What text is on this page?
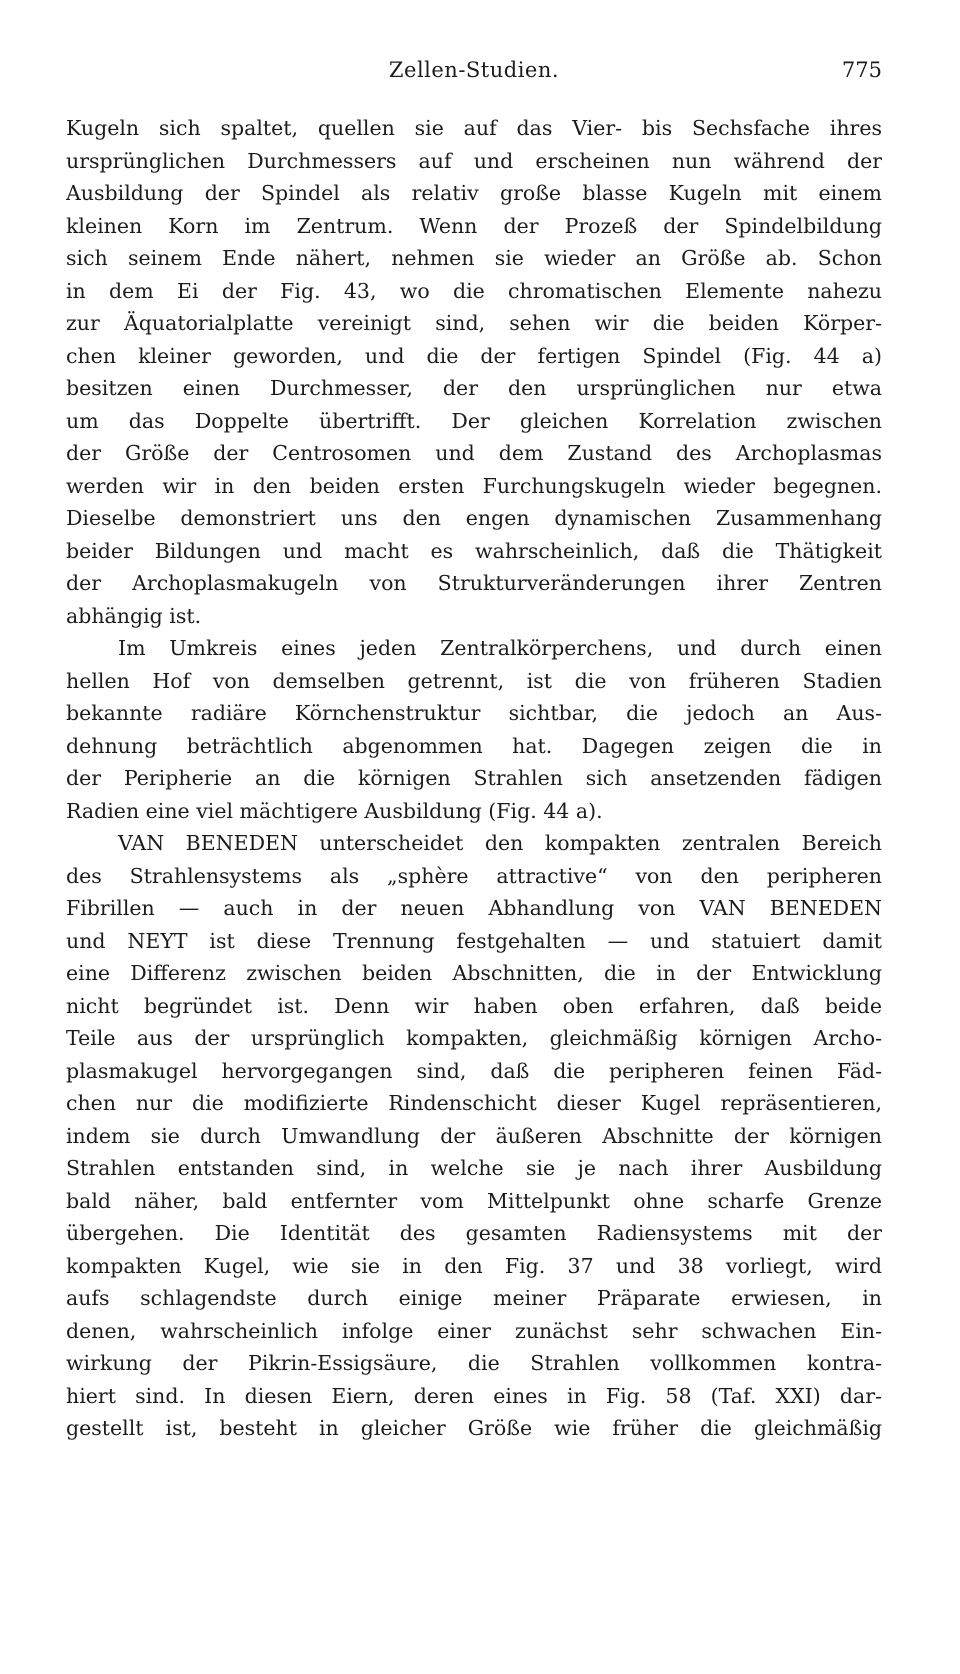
Zellen-Studien.	775
Kugeln sich spaltet, quellen sie auf das Vier- bis Sechsfache ihres
ursprünglichen Durchmessers auf und erscheinen nun während der
Ausbildung der Spindel als relativ große blasse Kugeln mit einem
kleinen Korn im Zentrum. Wenn der Prozeß der Spindelbildung
sich seinem Ende nähert, nehmen sie wieder an Größe ab. Schon
in dem Ei der Fig. 43, wo die chromatischen Elemente nahezu
zur Äquatorialplatte vereinigt sind, sehen wir die beiden Körper-
chen kleiner geworden, und die der fertigen Spindel (Fig. 44 a)
besitzen einen Durchmesser, der den ursprünglichen nur etwa
um das Doppelte übertrifft. Der gleichen Korrelation zwischen
der Größe der Centrosomen und dem Zustand des Archoplasmas
werden wir in den beiden ersten Furchungskugeln wieder begegnen.
Dieselbe demonstriert uns den engen dynamischen Zusammenhang
beider Bildungen und macht es wahrscheinlich, daß die Thätigkeit
der Archoplasmakugeln von Strukturveränderungen ihrer Zentren
abhängig ist.
Im Umkreis eines jeden Zentralkörperchens, und durch einen
hellen Hof von demselben getrennt, ist die von früheren Stadien
bekannte radiäre Körnchenstruktur sichtbar, die jedoch an Aus-
dehnung beträchtlich abgenommen hat. Dagegen zeigen die in
der Peripherie an die körnigen Strahlen sich ansetzenden fädigen
Radien eine viel mächtigere Ausbildung (Fig. 44 a).
VAN BENEDEN unterscheidet den kompakten zentralen Bereich
des Strahlensystems als „sphère attractive“ von den peripheren
Fibrillen — auch in der neuen Abhandlung von VAN BENEDEN
und NEYT ist diese Trennung festgehalten — und statuiert damit
eine Differenz zwischen beiden Abschnitten, die in der Entwicklung
nicht begründet ist. Denn wir haben oben erfahren, daß beide
Teile aus der ursprünglich kompakten, gleichmäßig körnigen Archo-
plasmakugel hervorgegangen sind, daß die peripheren feinen Fäd-
chen nur die modifizierte Rindenschicht dieser Kugel repräsentieren,
indem sie durch Umwandlung der äußeren Abschnitte der körnigen
Strahlen entstanden sind, in welche sie je nach ihrer Ausbildung
bald näher, bald entfernter vom Mittelpunkt ohne scharfe Grenze
übergehen. Die Identität des gesamten Radiensystems mit der
kompakten Kugel, wie sie in den Fig. 37 und 38 vorliegt, wird
aufs schlagendste durch einige meiner Präparate erwiesen, in
denen, wahrscheinlich infolge einer zunächst sehr schwachen Ein-
wirkung der Pikrin-Essigsäure, die Strahlen vollkommen kontra-
hiert sind. In diesen Eiern, deren eines in Fig. 58 (Taf. XXI) dar-
gestellt ist, besteht in gleicher Größe wie früher die gleichmäßig
